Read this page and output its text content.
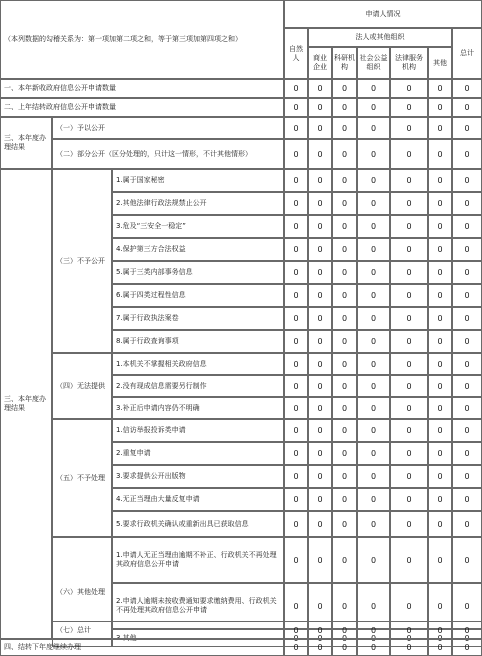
（本列数据的勾稽关系为：第一项加第二项之和，等于第三项加第四项之和）
申请人情况
自然人
法人或其他组织
商业企业
科研机构
社会公益组织
法律服务机构
其他
总计
一、本年新收政府信息公开申请数量	0	0	0	0	0	0	0
二、上年结转政府信息公开申请数量	0	0	0	0	0	0	0
三、本年度办理结果
三、本年度办理结果
（一）予以公开	0	0	0	0	0	0	0
（二）部分公开（区分处理的，只计这一情形，不计其他情形）	0	0	0	0	0	0	0
（三）不予公开
1.属于国家秘密	0	0	0	0	0	0	0
2.其他法律行政法规禁止公开	0	0	0	0	0	0	0
3.危及“三安全一稳定”	0	0	0	0	0	0	0
4.保护第三方合法权益	0	0	0	0	0	0	0
5.属于三类内部事务信息	0	0	0	0	0	0	0
6.属于四类过程性信息	0	0	0	0	0	0	0
7.属于行政执法案卷	0	0	0	0	0	0	0
8.属于行政查询事项	0	0	0	0	0	0	0
（四）无法提供
1.本机关不掌握相关政府信息	0	0	0	0	0	0	0
2.没有现成信息需要另行制作	0	0	0	0	0	0	0
3.补正后申请内容仍不明确	0	0	0	0	0	0	0
（五）不予处理
1.信访举报投诉类申请	0	0	0	0	0	0	0
2.重复申请	0	0	0	0	0	0	0
3.要求提供公开出版物	0	0	0	0	0	0	0
4.无正当理由大量反复申请	0	0	0	0	0	0	0
5.要求行政机关确认或重新出具已获取信息	0	0	0	0	0	0	0
（六）其他处理
1.申请人无正当理由逾期不补正、行政机关不再处理其政府信息公开申请	0	0	0	0	0	0	0
2.申请人逾期未按收费通知要求缴纳费用、行政机关不再处理其政府信息公开申请	0	0	0	0	0	0	0
3.其他	0	0	0	0	0	0	0
（七）总计	0	0	0	0	0	0	0
四、结转下年度继续办理	0	0	0	0	0	0	0
